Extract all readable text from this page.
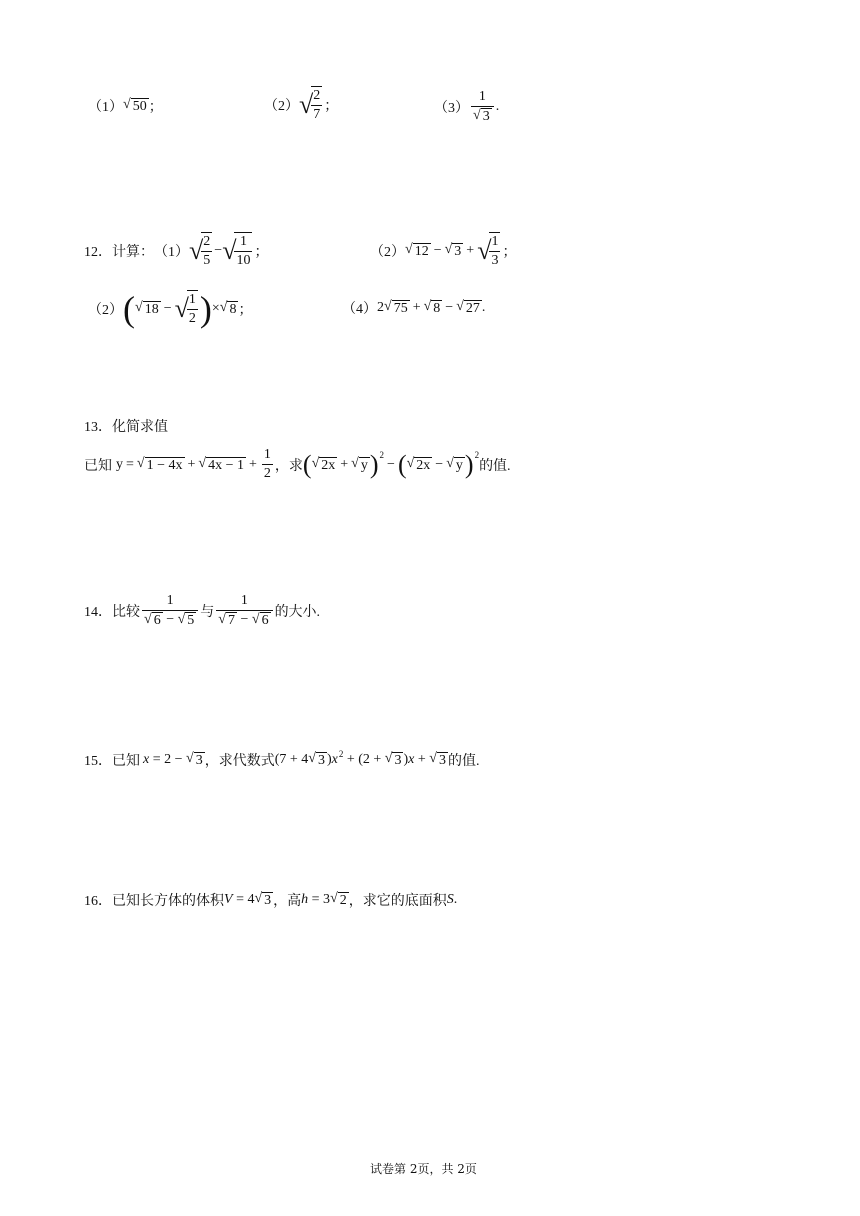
（1） √ 50 ；	（2） √
$\frac{2}{7}$ ；	$(3) \frac{1}{√ 3}$ .
12． 计算： （1） √
$\frac{2}{5}$ − √
$\frac{1}{10}$ ；	（2） √ 12 − √ 3 + √
$\frac{1}{3}$ ；
（2） ( √ 18 − √
$\frac{1}{2}$ ) × √ 8 ；	（4） 2 √ 75 + √ 8 − √ 27 .
13． 化简求值
已知 y = √ 1 − 4x + √ $4x - 1 + \frac{1}{2}$ ，求 ( √ 2x + √ y ) 2
− ( √ 2x − √ y ) 2
的值.
14． 比较 $\frac{1}{√ 6 - √ 5}$ 与 $\frac{1}{√ 7 - √ 6}$ 的大小.
15． 已知 x = 2 − √ 3 ，求代数式 (7 + 4 √ 3 ) x 2 + (2 + √ 3 ) x + √ 3 的值.
16． 已知长方体的体积 V = 4 √ 3 ，高 h = 3 √ 2 ，求它的底面积 S .
试卷第 2页，共 2页
